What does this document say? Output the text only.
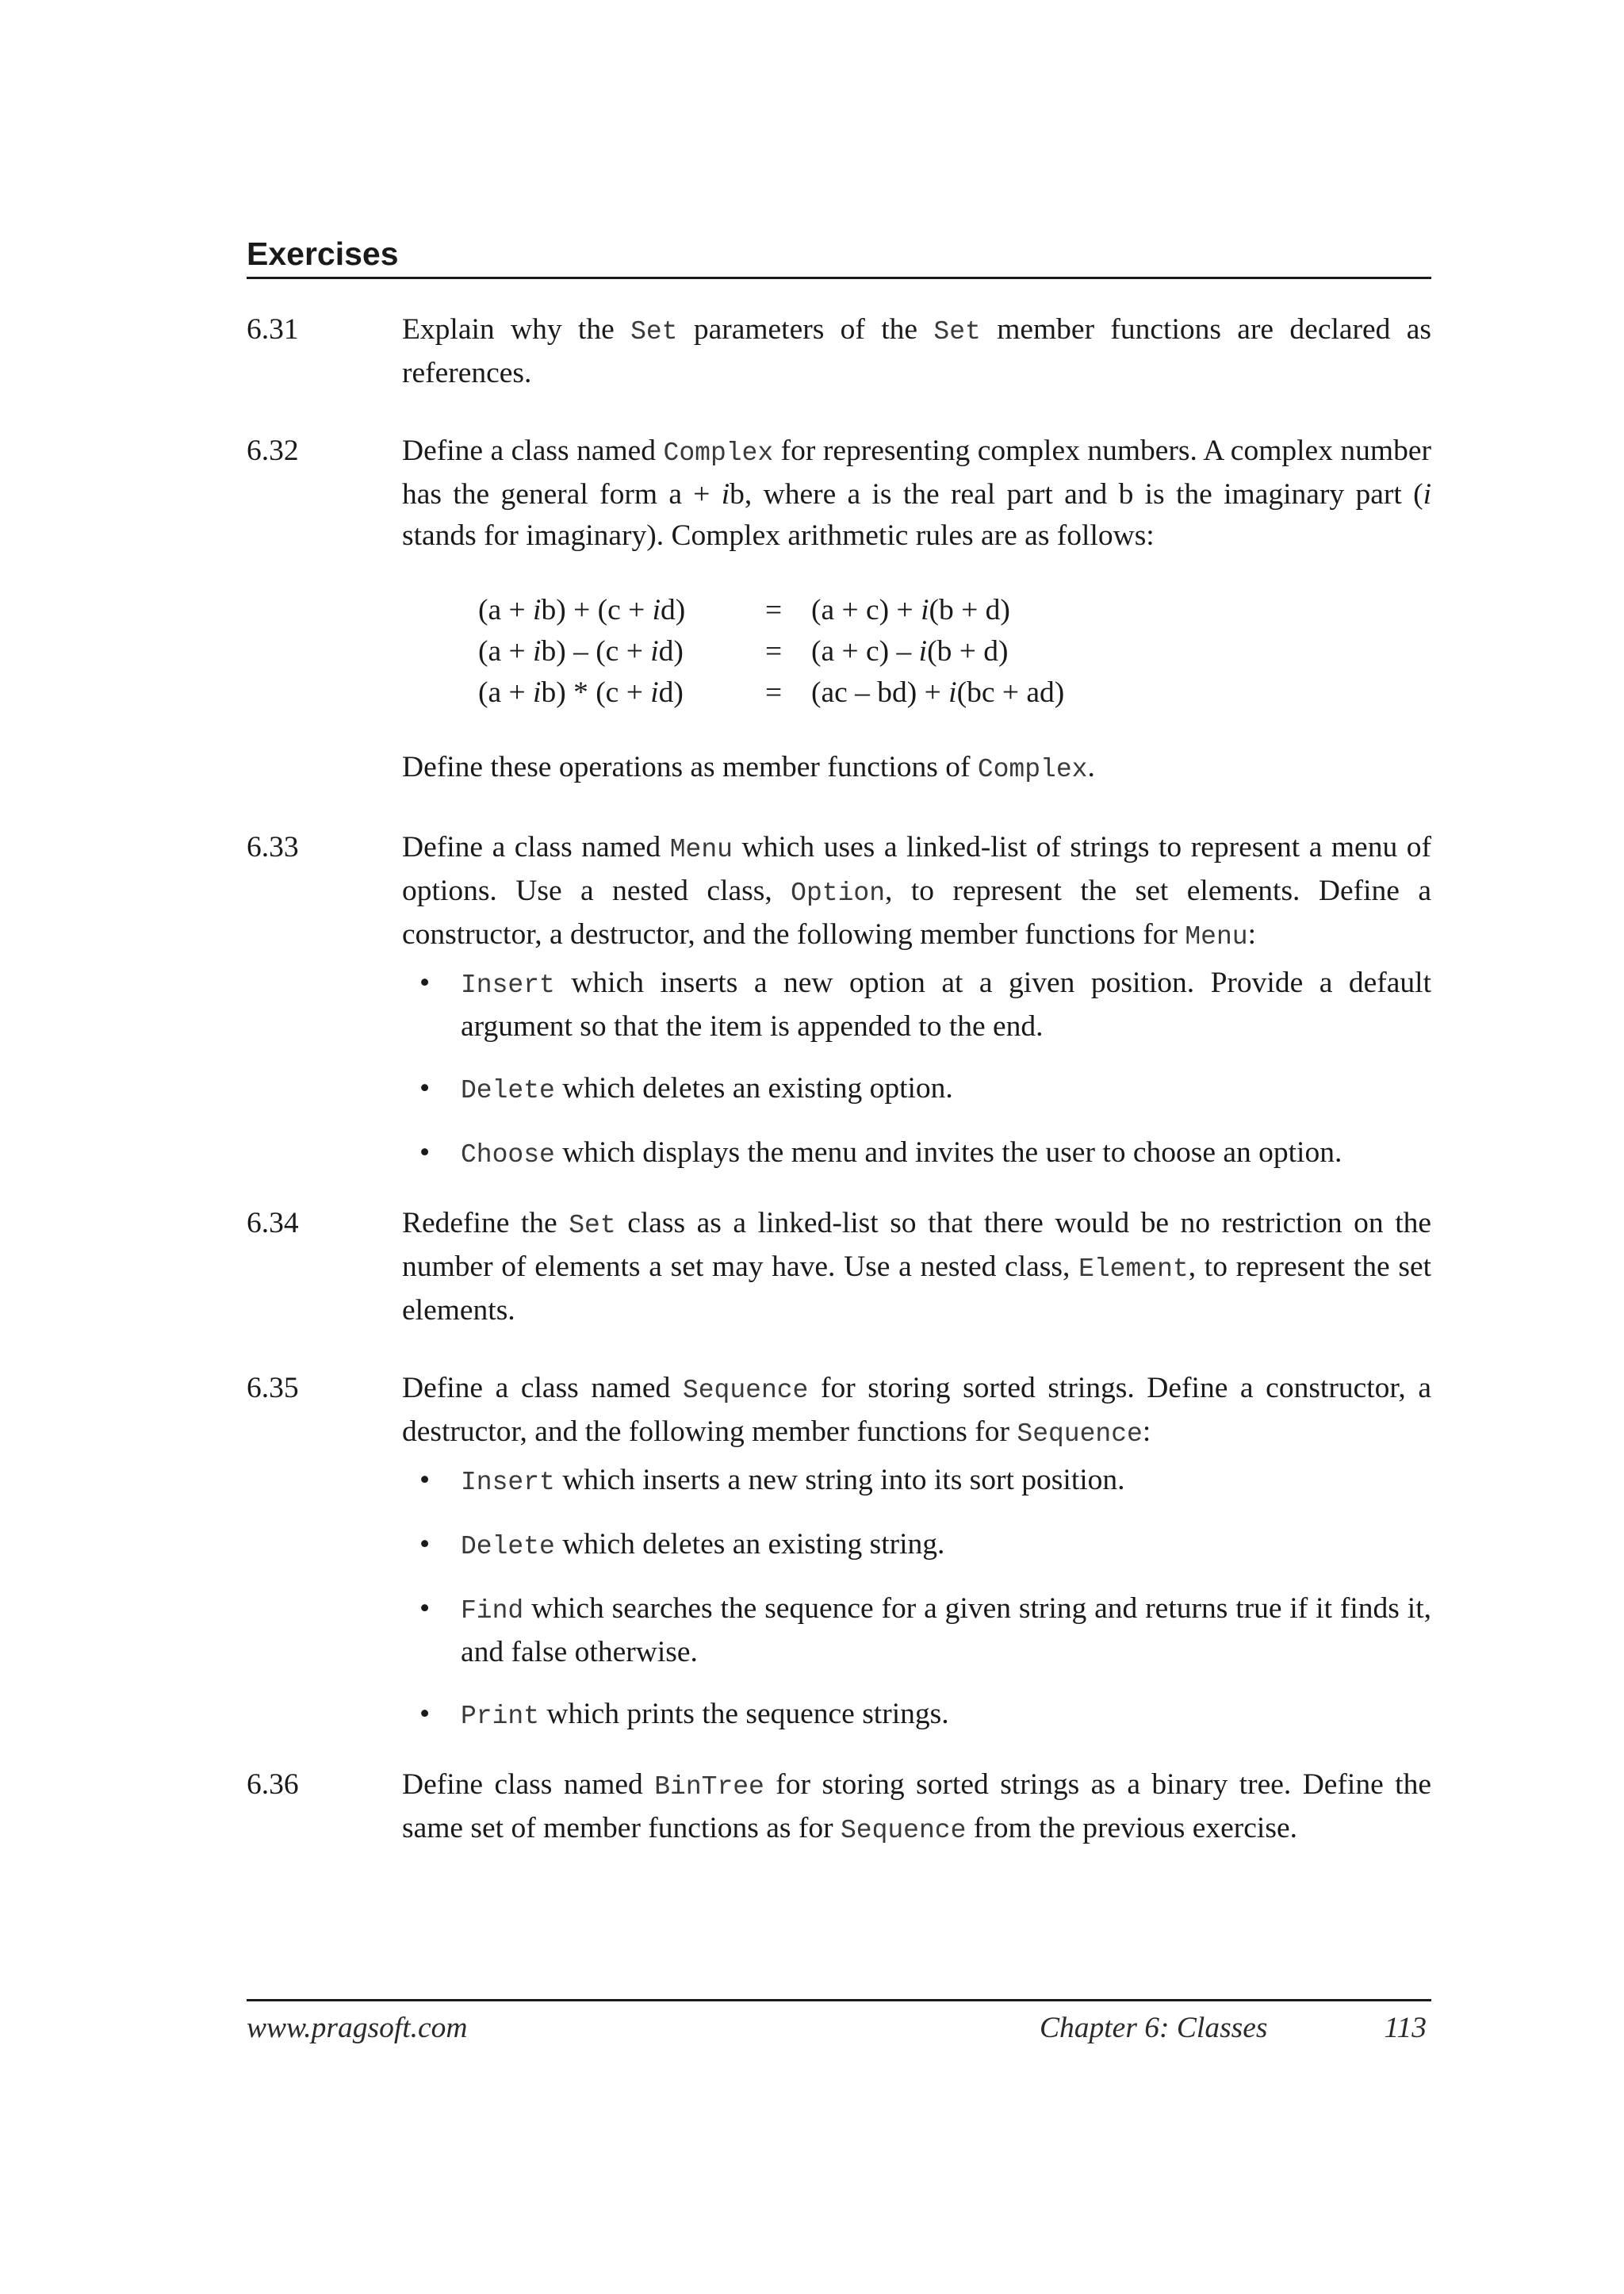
Exercises
6.31	Explain why the Set parameters of the Set member functions are declared as references.

6.32	Define a class named Complex for representing complex numbers. A complex number has the general form a + ib, where a is the real part and b is the imaginary part (i stands for imaginary). Complex arithmetic rules are as follows:

(a + ib) + (c + id)	= (a + c) + i(b + d)
(a + ib) – (c + id)	= (a + c) – i(b + d)
(a + ib) * (c + id)	= (ac – bd) + i(bc + ad)

Define these operations as member functions of Complex.

6.33	Define a class named Menu which uses a linked-list of strings to represent a menu of options. Use a nested class, Option, to represent the set elements. Define a constructor, a destructor, and the following member functions for Menu:

• Insert which inserts a new option at a given position. Provide a default argument so that the item is appended to the end.
• Delete which deletes an existing option.
• Choose which displays the menu and invites the user to choose an option.
6.34	Redefine the Set class as a linked-list so that there would be no restriction on the number of elements a set may have. Use a nested class, Element, to represent the set elements.

6.35	Define a class named Sequence for storing sorted strings. Define a constructor, a destructor, and the following member functions for Sequence:

• Insert which inserts a new string into its sort position.
• Delete which deletes an existing string.
• Find which searches the sequence for a given string and returns true if it finds it, and false otherwise.
• Print which prints the sequence strings.
6.36	Define class named BinTree for storing sorted strings as a binary tree. Define the same set of member functions as for Sequence from the previous exercise.

www.pragsoft.com	Chapter 6: Classes	113
